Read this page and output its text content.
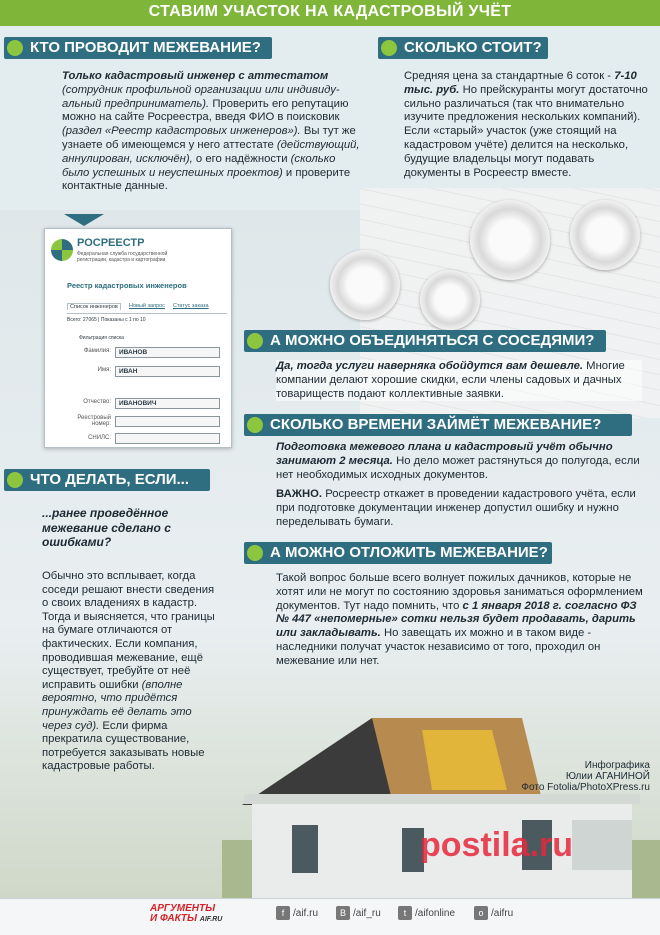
СТАВИМ УЧАСТОК НА КАДАСТРОВЫЙ УЧЁТ
КТО ПРОВОДИТ МЕЖЕВАНИЕ?
Только кадастровый инженер с аттестатом (сотрудник профильной организации или индивидуальный предприниматель). Проверить его репутацию можно на сайте Росреестра, введя ФИО в поисковик (раздел «Реестр кадастровых инженеров»). Вы тут же узнаете об имеющемся у него аттестате (действующий, аннулирован, исключён), о его надёжности (сколько было успешных и неуспешных проектов) и проверите контактные данные.
СКОЛЬКО СТОИТ?
Средняя цена за стандартные 6 соток - 7-10 тыс. руб. Но прейскуранты могут достаточно сильно различаться (так что внимательно изучите предложения нескольких компаний). Если «старый» участок (уже стоящий на кадастровом учёте) делится на несколько, будущие владельцы могут подавать документы в Росреестр вместе.
РОСРЕЕСТР
Федеральная служба государственной регистрации, кадастра и картографии
Реестр кадастровых инженеров
Список инженеров	Новый запрос Статус заказа
Всего: 27065 | Показаны с 1 по 10
Фильтрация списка
Фамилия:	ИВАНОВ
Имя:	ИВАН
Отчество:	ИВАНОВИЧ
Реестровый номер:
СНИЛС:
А МОЖНО ОБЪЕДИНЯТЬСЯ С СОСЕДЯМИ?
Да, тогда услуги наверняка обойдутся вам дешевле. Многие компании делают хорошие скидки, если члены садовых и дачных товариществ подают коллективные заявки.
СКОЛЬКО ВРЕМЕНИ ЗАЙМЁТ МЕЖЕВАНИЕ?
Подготовка межевого плана и кадастровый учёт обычно занимают 2 месяца. Но дело может растянуться до полугода, если нет необходимых исходных документов.
ВАЖНО. Росреестр откажет в проведении кадастрового учёта, если при подготовке документации инженер допустил ошибку и нужно переделывать бумаги.
ЧТО ДЕЛАТЬ, ЕСЛИ...
...ранее проведённое межевание сделано с ошибками?
Обычно это всплывает, когда соседи решают внести сведения о своих владениях в кадастр. Тогда и выясняется, что границы на бумаге отличаются от фактических. Если компания, проводившая межевание, ещё существует, требуйте от неё исправить ошибки (вполне вероятно, что придётся принуждать её делать это через суд). Если фирма прекратила существование, потребуется заказывать новые кадастровые работы.
А МОЖНО ОТЛОЖИТЬ МЕЖЕВАНИЕ?
Такой вопрос больше всего волнует пожилых дачников, которые не хотят или не могут по состоянию здоровья заниматься оформлением документов. Тут надо помнить, что с 1 января 2018 г. согласно ФЗ № 447 «непомерные» сотки нельзя будет продавать, дарить или закладывать. Но завещать их можно и в таком виде - наследники получат участок независимо от того, проходил он межевание или нет.
Инфографика
Юлии АГАНИНОЙ
Фото Fotolia/PhotoXPress.ru
postila.ru
АРГУМЕНТЫ
И ФАКТЫ AIF.RU
f /aif.ru	B /aif_ru	t /aifonline	o /aifru
